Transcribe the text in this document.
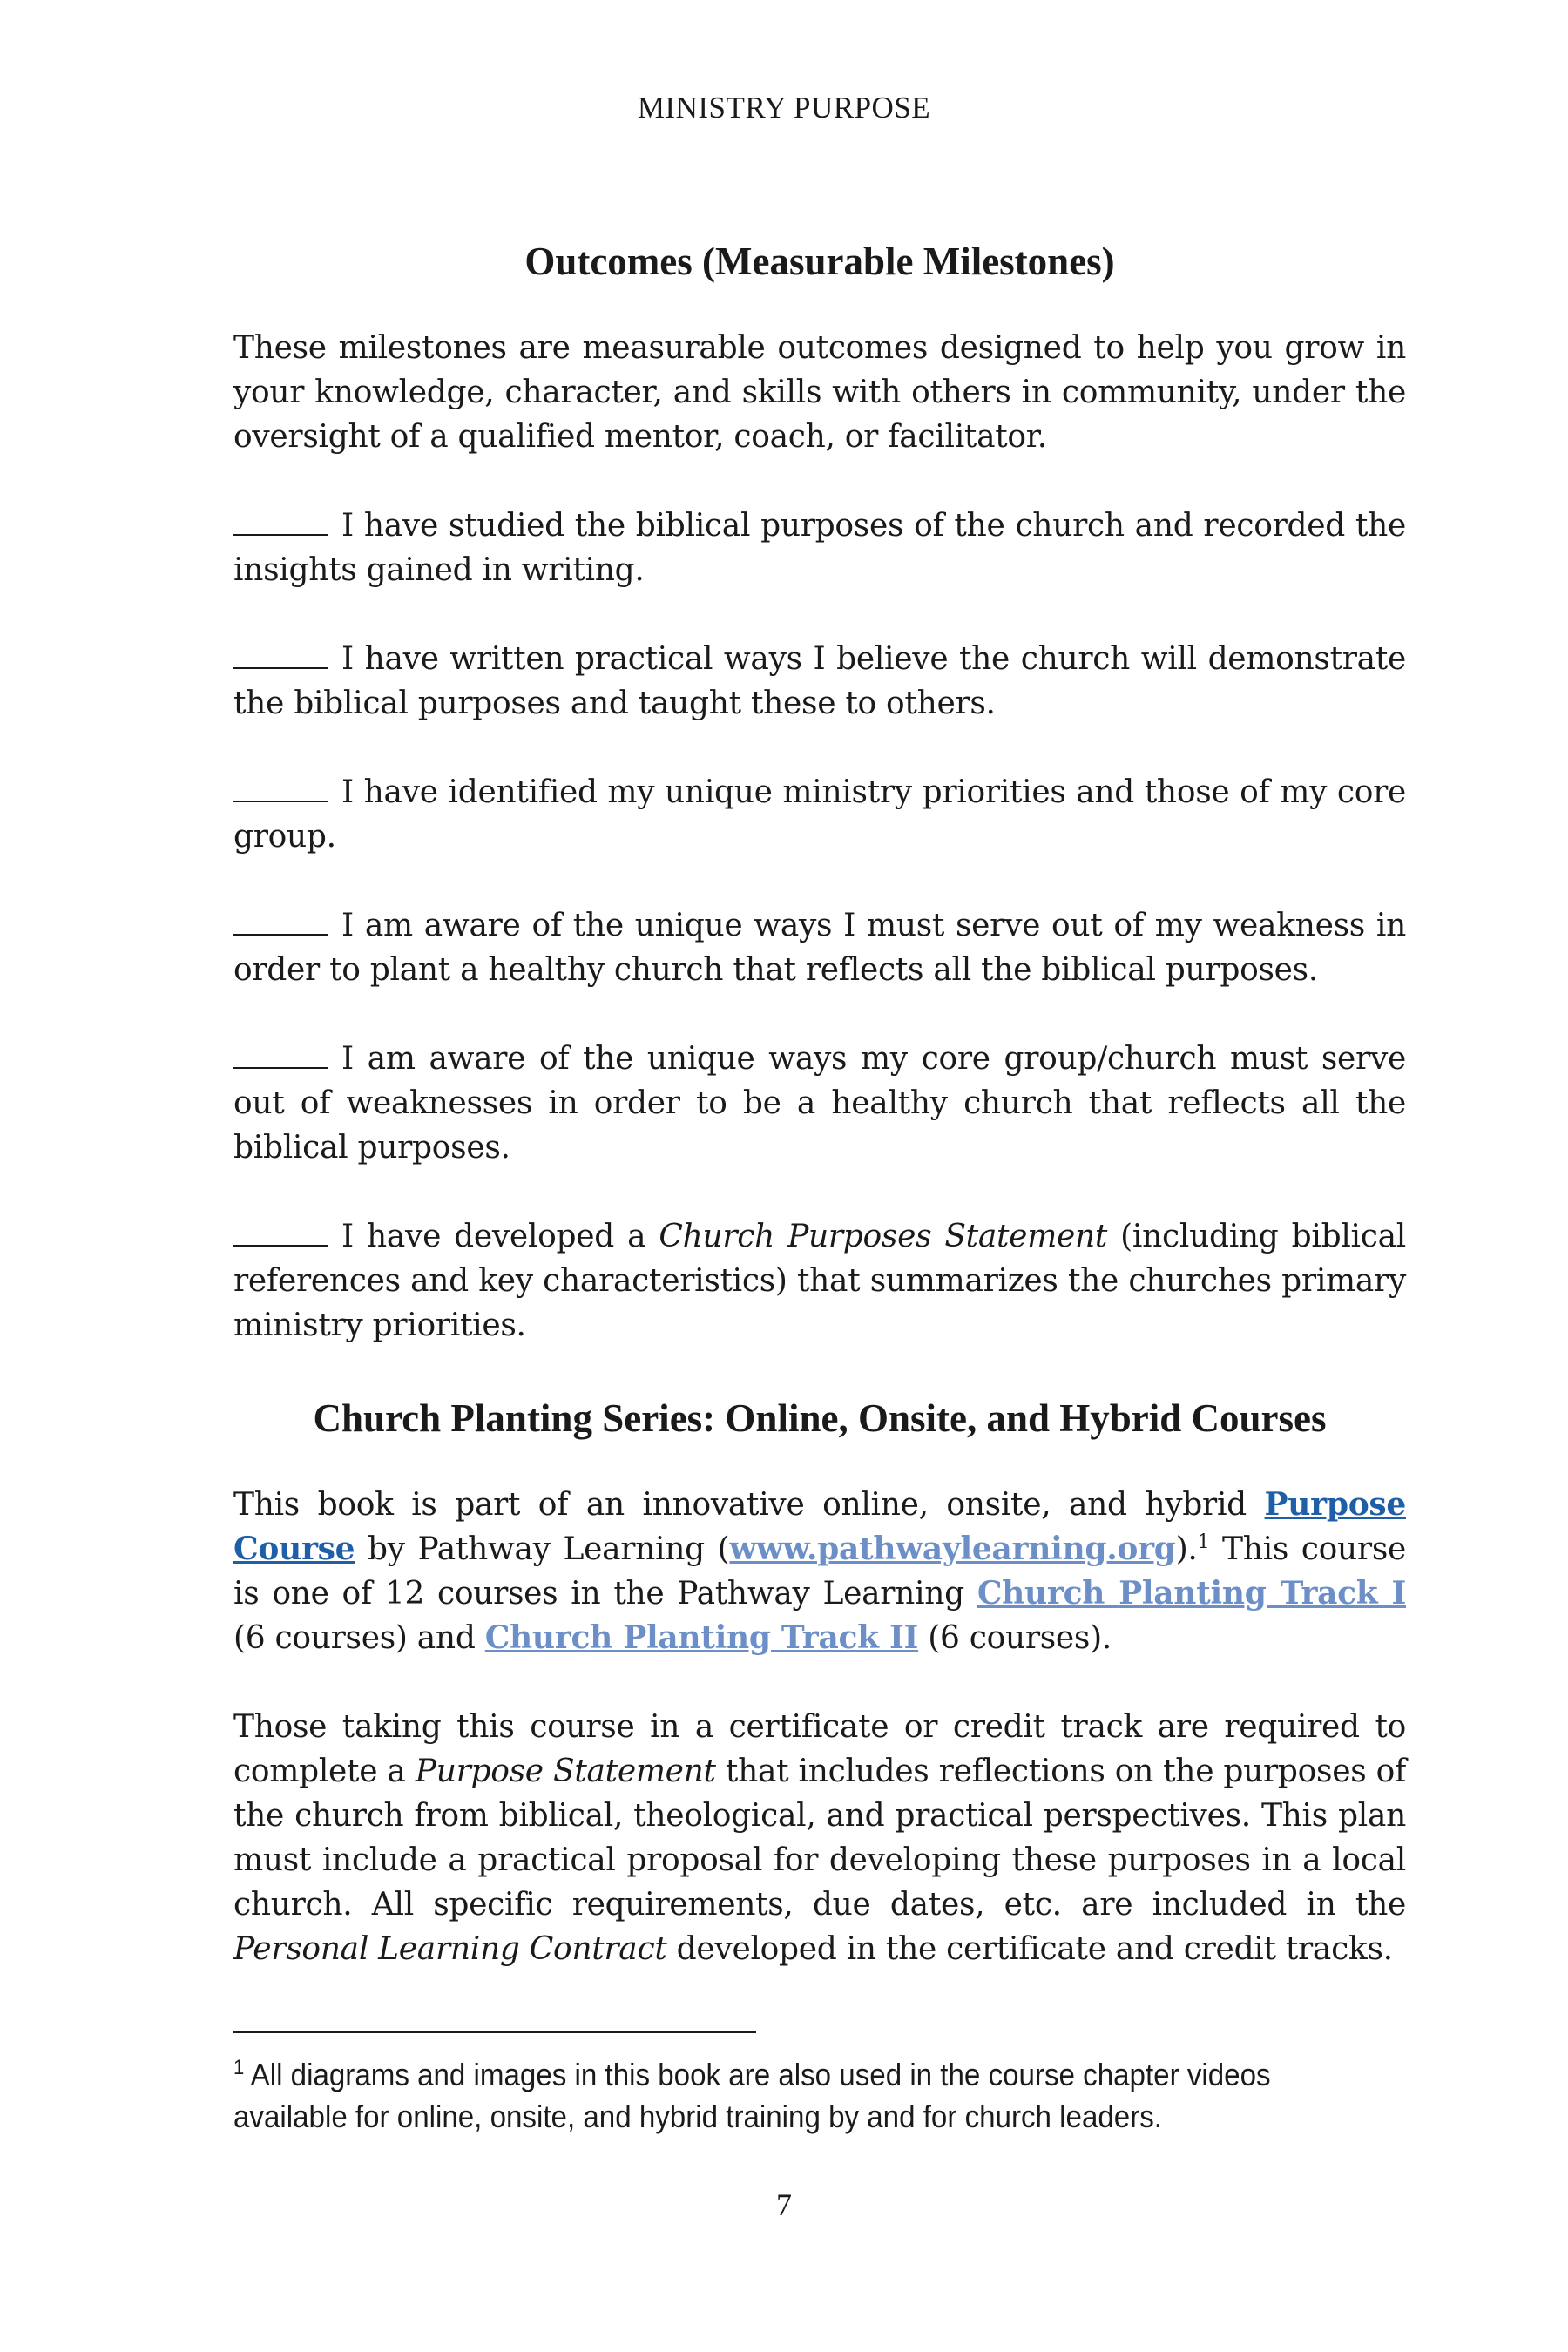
MINISTRY PURPOSE
Outcomes (Measurable Milestones)

These milestones are measurable outcomes designed to help you grow in your knowledge, character, and skills with others in community, under the oversight of a qualified mentor, coach, or facilitator.

I have studied the biblical purposes of the church and recorded the insights gained in writing.

I have written practical ways I believe the church will demonstrate the biblical purposes and taught these to others.

I have identified my unique ministry priorities and those of my core group.

I am aware of the unique ways I must serve out of my weakness in order to plant a healthy church that reflects all the biblical purposes.

I am aware of the unique ways my core group/church must serve out of weaknesses in order to be a healthy church that reflects all the biblical purposes.

I have developed a Church Purposes Statement (including biblical references and key characteristics) that summarizes the churches primary ministry priorities.

Church Planting Series: Online, Onsite, and Hybrid Courses

This book is part of an innovative online, onsite, and hybrid Purpose Course by Pathway Learning (www.pathwaylearning.org).$^1$ This course is one of 12 courses in the Pathway Learning Church Planting Track I (6 courses) and Church Planting Track II (6 courses).

Those taking this course in a certificate or credit track are required to complete a Purpose Statement that includes reflections on the purposes of the church from biblical, theological, and practical perspectives. This plan must include a practical proposal for developing these purposes in a local church. All specific requirements, due dates, etc. are included in the Personal Learning Contract developed in the certificate and credit tracks.

$^1$ All diagrams and images in this book are also used in the course chapter videos available for online, onsite, and hybrid training by and for church leaders.
7
